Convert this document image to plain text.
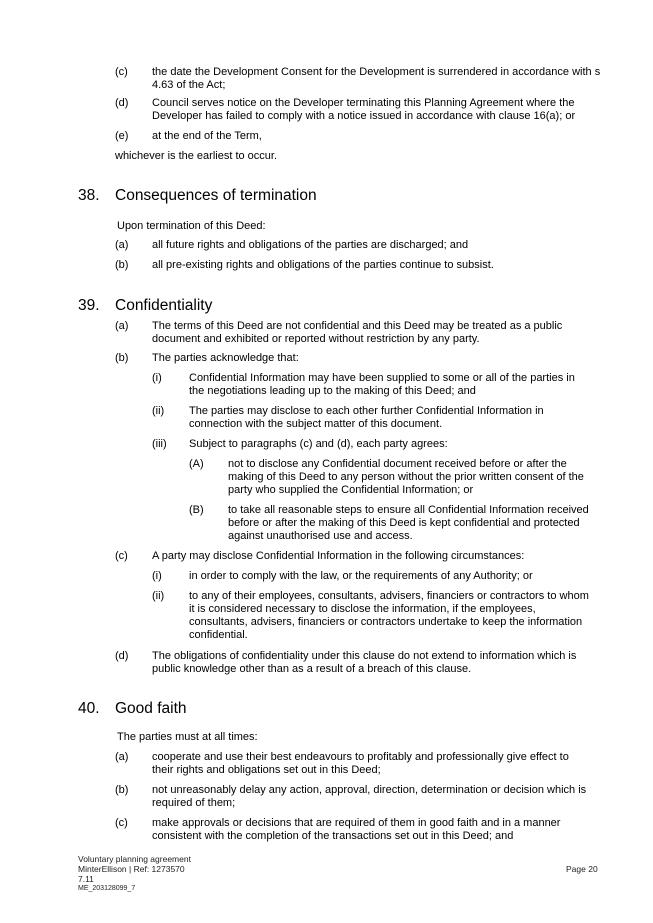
(c) the date the Development Consent for the Development is surrendered in accordance with s 4.63 of the Act;
(d) Council serves notice on the Developer terminating this Planning Agreement where the Developer has failed to comply with a notice issued in accordance with clause 16(a); or
(e) at the end of the Term,
whichever is the earliest to occur.
38. Consequences of termination
Upon termination of this Deed:
(a) all future rights and obligations of the parties are discharged; and
(b) all pre-existing rights and obligations of the parties continue to subsist.
39. Confidentiality
(a) The terms of this Deed are not confidential and this Deed may be treated as a public document and exhibited or reported without restriction by any party.
(b) The parties acknowledge that:
(i) Confidential Information may have been supplied to some or all of the parties in the negotiations leading up to the making of this Deed; and
(ii) The parties may disclose to each other further Confidential Information in connection with the subject matter of this document.
(iii) Subject to paragraphs (c) and (d), each party agrees:
(A) not to disclose any Confidential document received before or after the making of this Deed to any person without the prior written consent of the party who supplied the Confidential Information; or
(B) to take all reasonable steps to ensure all Confidential Information received before or after the making of this Deed is kept confidential and protected against unauthorised use and access.
(c) A party may disclose Confidential Information in the following circumstances:
(i) in order to comply with the law, or the requirements of any Authority; or
(ii) to any of their employees, consultants, advisers, financiers or contractors to whom it is considered necessary to disclose the information, if the employees, consultants, advisers, financiers or contractors undertake to keep the information confidential.
(d) The obligations of confidentiality under this clause do not extend to information which is public knowledge other than as a result of a breach of this clause.
40. Good faith
The parties must at all times:
(a) cooperate and use their best endeavours to profitably and professionally give effect to their rights and obligations set out in this Deed;
(b) not unreasonably delay any action, approval, direction, determination or decision which is required of them;
(c) make approvals or decisions that are required of them in good faith and in a manner consistent with the completion of the transactions set out in this Deed; and
Voluntary planning agreement
MinterEllison | Ref: 1273570
7.11
ME_203128099_7
Page 20
